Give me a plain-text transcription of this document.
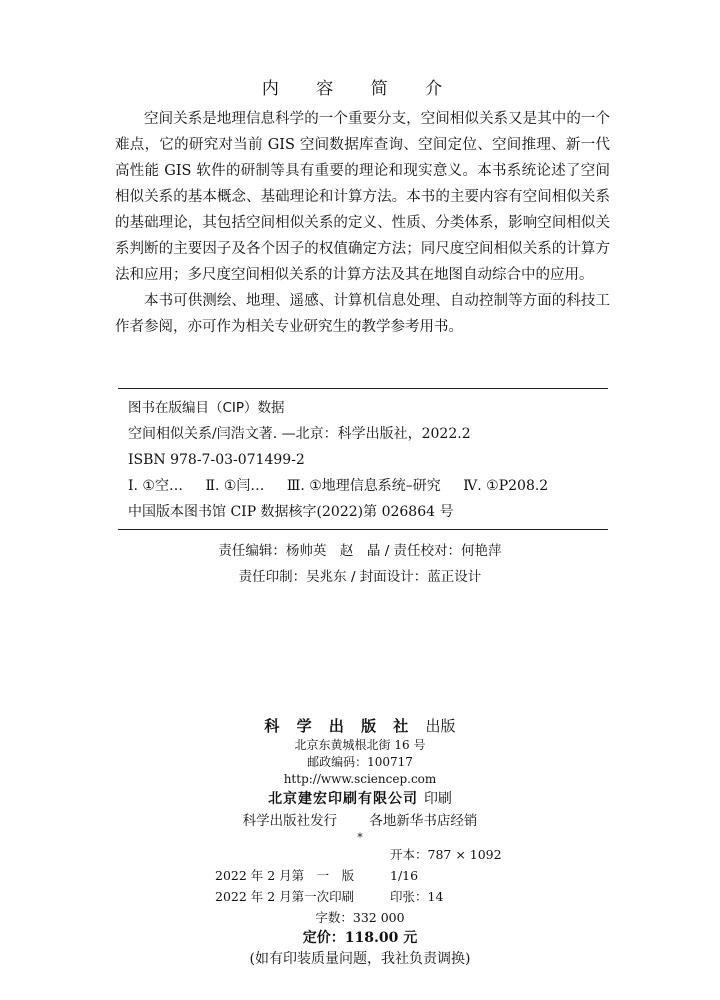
内 容 简 介

空间关系是地理信息科学的一个重要分支，空间相似关系又是其中的一个难点，它的研究对当前 GIS 空间数据库查询、空间定位、空间推理、新一代高性能 GIS 软件的研制等具有重要的理论和现实意义。本书系统论述了空间相似关系的基本概念、基础理论和计算方法。本书的主要内容有空间相似关系的基础理论，其包括空间相似关系的定义、性质、分类体系，影响空间相似关系判断的主要因子及各个因子的权值确定方法；同尺度空间相似关系的计算方法和应用；多尺度空间相似关系的计算方法及其在地图自动综合中的应用。

本书可供测绘、地理、遥感、计算机信息处理、自动控制等方面的科技工作者参阅，亦可作为相关专业研究生的教学参考用书。

图书在版编目（CIP）数据
空间相似关系/闫浩文著. —北京：科学出版社，2022.2
ISBN 978-7-03-071499-2
Ⅰ. ①空… Ⅱ. ①闫… Ⅲ. ①地理信息系统–研究 Ⅳ. ①P208.2
中国版本图书馆 CIP 数据核字(2022)第 026864 号
责任编辑：杨帅英　赵　晶 / 责任校对：何艳萍
责任印制：吴兆东 / 封面设计：蓝正设计
科 学 出 版 社 出版
北京东黄城根北街 16 号
邮政编码：100717
http://www.sciencep.com
北京建宏印刷有限公司 印刷
科学出版社发行 各地新华书店经销
*
2022 年 2 月第　一　版开本：787 × 1092 1/16
2022 年 2 月第一次印刷	印张：14
字数：332 000
定价：118.00 元
(如有印装质量问题，我社负责调换)
